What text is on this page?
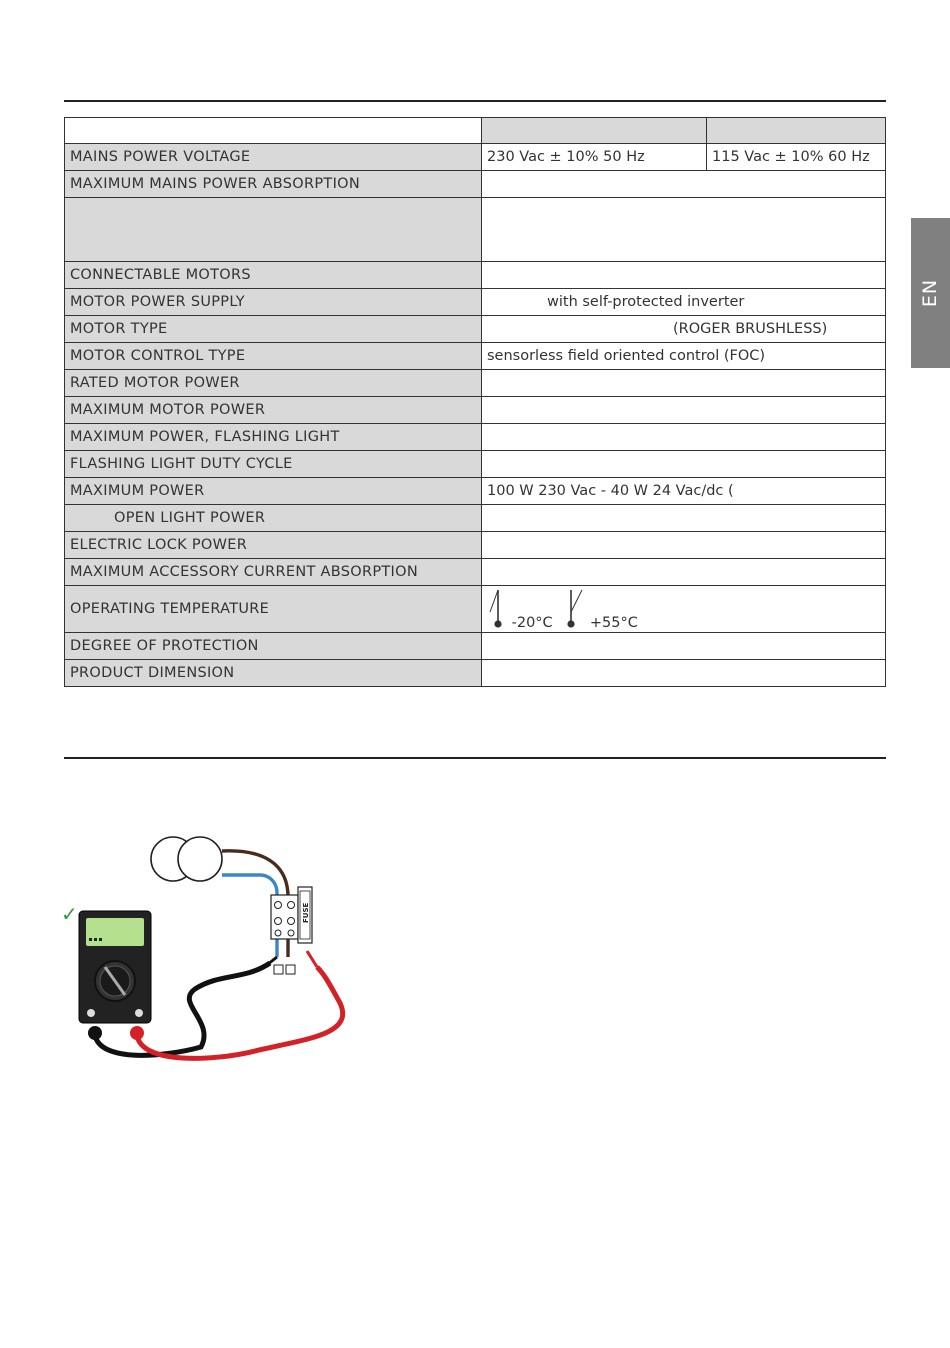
MAINS POWER VOLTAGE	230 Vac ± 10% 50 Hz	115 Vac ± 10% 60 Hz
MAXIMUM MAINS POWER ABSORPTION		

CONNECTABLE MOTORS		
MOTOR POWER SUPPLY	with self-protected inverter	
MOTOR TYPE	(ROGER BRUSHLESS)	
MOTOR CONTROL TYPE	sensorless field oriented control (FOC)	
RATED MOTOR POWER		
MAXIMUM MOTOR POWER		
MAXIMUM POWER, FLASHING LIGHT		
FLASHING LIGHT DUTY CYCLE		
MAXIMUM POWER	100 W 230 Vac - 40 W 24 Vac/dc (	
OPEN LIGHT POWER		
ELECTRIC LOCK POWER		
MAXIMUM ACCESSORY CURRENT ABSORPTION		
OPERATING TEMPERATURE	-20°C +55°C	
DEGREE OF PROTECTION		
PRODUCT DIMENSION		
EN
FUSE
✓
